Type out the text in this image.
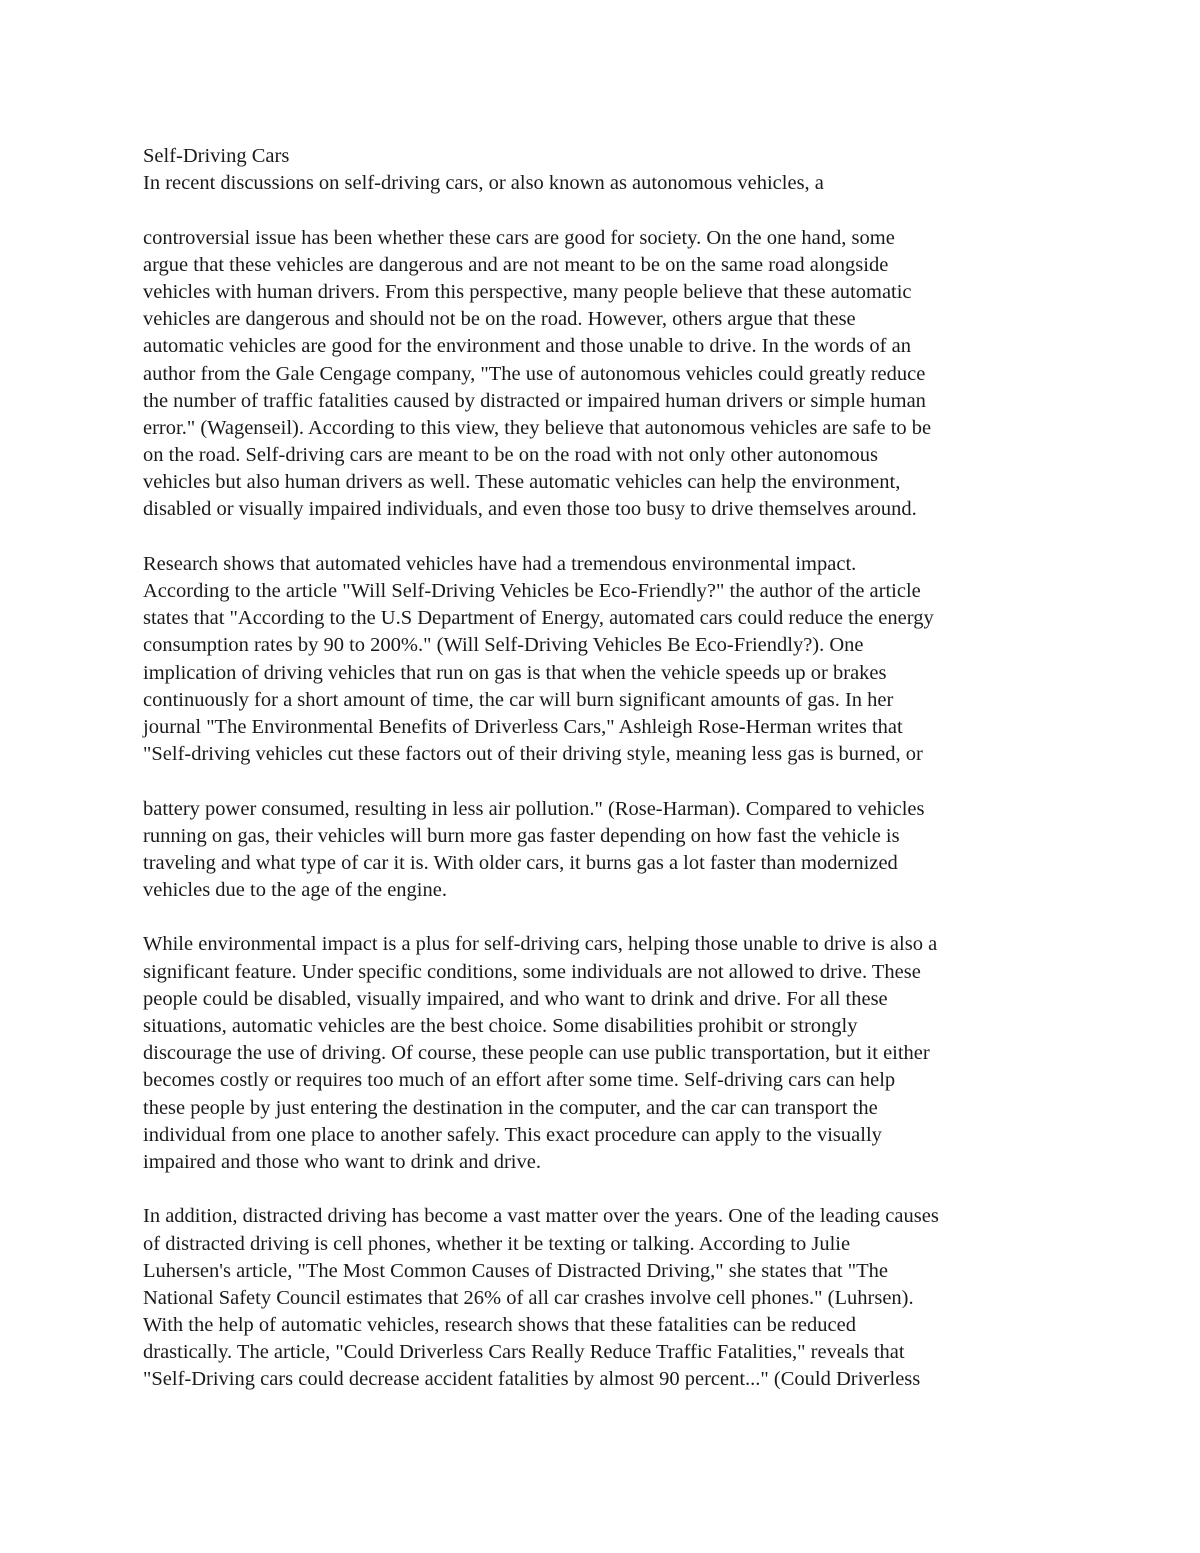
Self-Driving Cars
In recent discussions on self-driving cars, or also known as autonomous vehicles, a
controversial issue has been whether these cars are good for society. On the one hand, some
argue that these vehicles are dangerous and are not meant to be on the same road alongside
vehicles with human drivers. From this perspective, many people believe that these automatic
vehicles are dangerous and should not be on the road. However, others argue that these
automatic vehicles are good for the environment and those unable to drive. In the words of an
author from the Gale Cengage company, "The use of autonomous vehicles could greatly reduce
the number of traffic fatalities caused by distracted or impaired human drivers or simple human
error." (Wagenseil). According to this view, they believe that autonomous vehicles are safe to be
on the road. Self-driving cars are meant to be on the road with not only other autonomous
vehicles but also human drivers as well. These automatic vehicles can help the environment,
disabled or visually impaired individuals, and even those too busy to drive themselves around.
Research shows that automated vehicles have had a tremendous environmental impact.
According to the article "Will Self-Driving Vehicles be Eco-Friendly?" the author of the article
states that "According to the U.S Department of Energy, automated cars could reduce the energy
consumption rates by 90 to 200%." (Will Self-Driving Vehicles Be Eco-Friendly?). One
implication of driving vehicles that run on gas is that when the vehicle speeds up or brakes
continuously for a short amount of time, the car will burn significant amounts of gas. In her
journal "The Environmental Benefits of Driverless Cars," Ashleigh Rose-Herman writes that
"Self-driving vehicles cut these factors out of their driving style, meaning less gas is burned, or
battery power consumed, resulting in less air pollution." (Rose-Harman). Compared to vehicles
running on gas, their vehicles will burn more gas faster depending on how fast the vehicle is
traveling and what type of car it is. With older cars, it burns gas a lot faster than modernized
vehicles due to the age of the engine.
While environmental impact is a plus for self-driving cars, helping those unable to drive is also a
significant feature. Under specific conditions, some individuals are not allowed to drive. These
people could be disabled, visually impaired, and who want to drink and drive. For all these
situations, automatic vehicles are the best choice. Some disabilities prohibit or strongly
discourage the use of driving. Of course, these people can use public transportation, but it either
becomes costly or requires too much of an effort after some time. Self-driving cars can help
these people by just entering the destination in the computer, and the car can transport the
individual from one place to another safely. This exact procedure can apply to the visually
impaired and those who want to drink and drive.
In addition, distracted driving has become a vast matter over the years. One of the leading causes
of distracted driving is cell phones, whether it be texting or talking. According to Julie
Luhersen's article, "The Most Common Causes of Distracted Driving," she states that "The
National Safety Council estimates that 26% of all car crashes involve cell phones." (Luhrsen).
With the help of automatic vehicles, research shows that these fatalities can be reduced
drastically. The article, "Could Driverless Cars Really Reduce Traffic Fatalities," reveals that
"Self-Driving cars could decrease accident fatalities by almost 90 percent..." (Could Driverless
